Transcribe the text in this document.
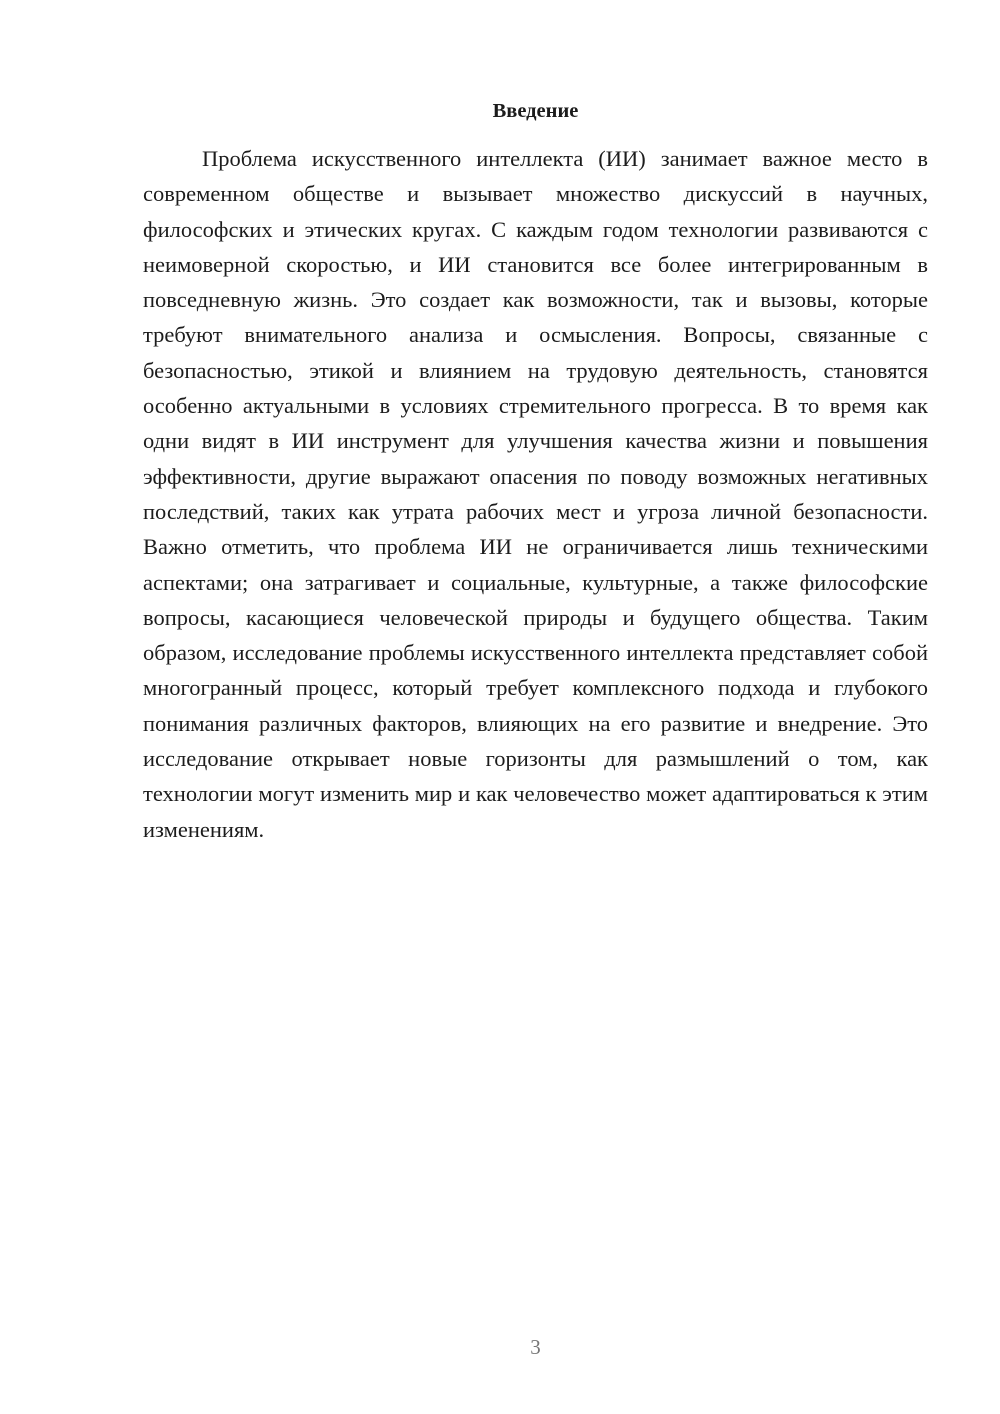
Введение

Проблема искусственного интеллекта (ИИ) занимает важное место в современном обществе и вызывает множество дискуссий в научных, философских и этических кругах. С каждым годом технологии развиваются с неимоверной скоростью, и ИИ становится все более интегрированным в повседневную жизнь. Это создает как возможности, так и вызовы, которые требуют внимательного анализа и осмысления. Вопросы, связанные с безопасностью, этикой и влиянием на трудовую деятельность, становятся особенно актуальными в условиях стремительного прогресса. В то время как одни видят в ИИ инструмент для улучшения качества жизни и повышения эффективности, другие выражают опасения по поводу возможных негативных последствий, таких как утрата рабочих мест и угроза личной безопасности. Важно отметить, что проблема ИИ не ограничивается лишь техническими аспектами; она затрагивает и социальные, культурные, а также философские вопросы, касающиеся человеческой природы и будущего общества. Таким образом, исследование проблемы искусственного интеллекта представляет собой многогранный процесс, который требует комплексного подхода и глубокого понимания различных факторов, влияющих на его развитие и внедрение. Это исследование открывает новые горизонты для размышлений о том, как технологии могут изменить мир и как человечество может адаптироваться к этим изменениям.

3
